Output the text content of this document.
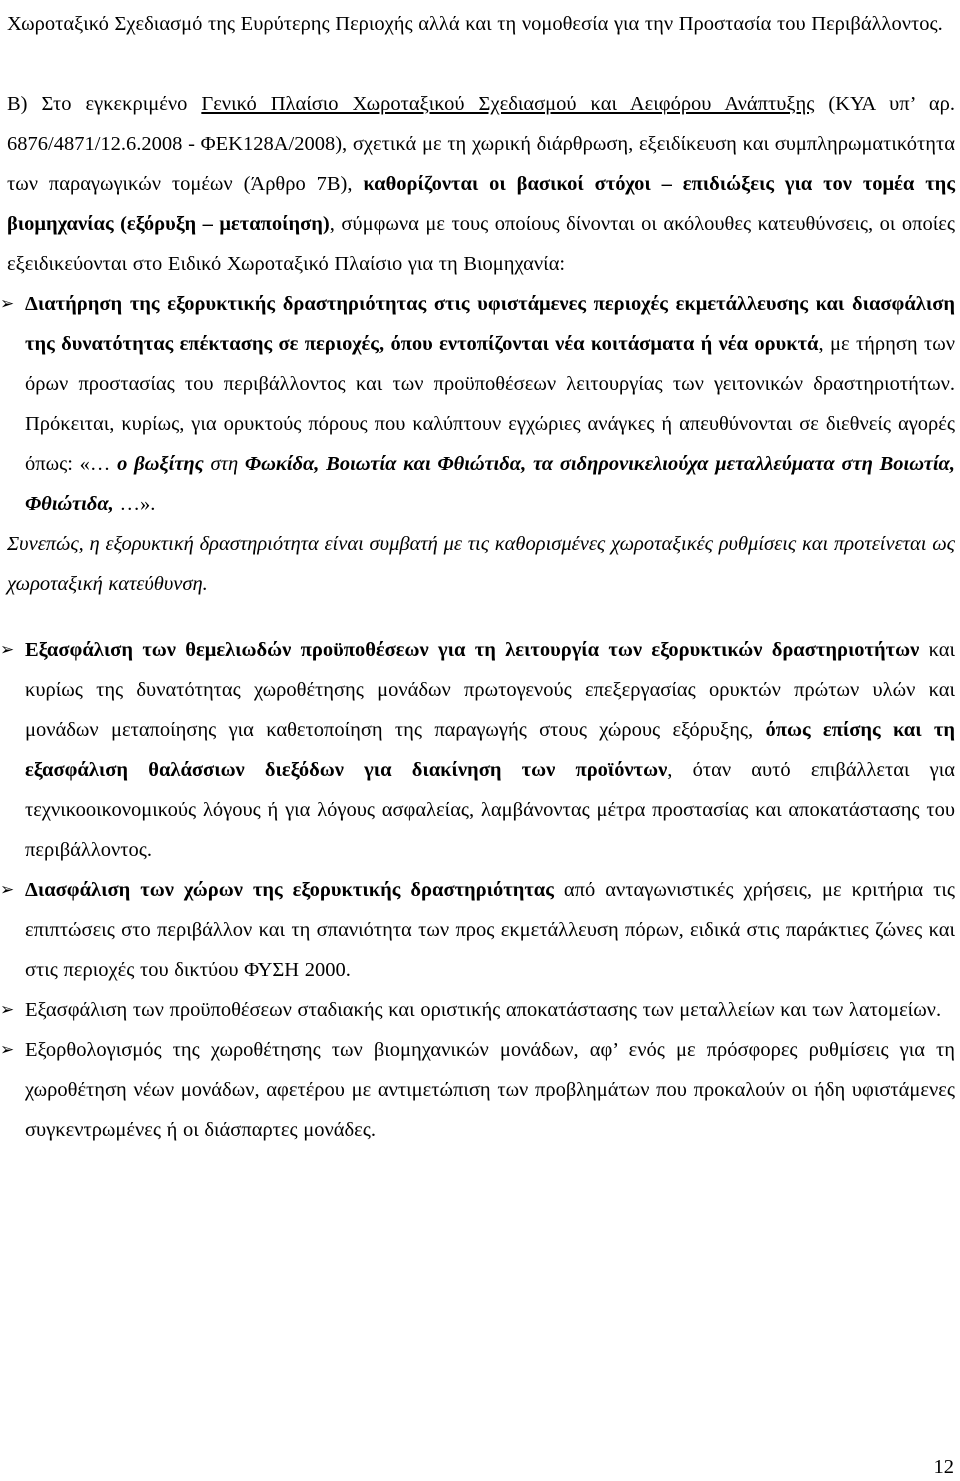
Χωροταξικό Σχεδιασμό της Ευρύτερης Περιοχής αλλά και τη νομοθεσία για την Προστασία του Περιβάλλοντος.

Β) Στο εγκεκριμένο Γενικό Πλαίσιο Χωροταξικού Σχεδιασμού και Αειφόρου Ανάπτυξης (ΚΥΑ υπ’ αρ. 6876/4871/12.6.2008 - ΦΕΚ128Α/2008), σχετικά με τη χωρική διάρθρωση, εξειδίκευση και συμπληρωματικότητα των παραγωγικών τομέων (Άρθρο 7Β), καθορίζονται οι βασικοί στόχοι – επιδιώξεις για τον τομέα της βιομηχανίας (εξόρυξη – μεταποίηση), σύμφωνα με τους οποίους δίνονται οι ακόλουθες κατευθύνσεις, οι οποίες εξειδικεύονται στο Ειδικό Χωροταξικό Πλαίσιο για τη Βιομηχανία:

➢ Διατήρηση της εξορυκτικής δραστηριότητας στις υφιστάμενες περιοχές εκμετάλλευσης και διασφάλιση της δυνατότητας επέκτασης σε περιοχές, όπου εντοπίζονται νέα κοιτάσματα ή νέα ορυκτά, με τήρηση των όρων προστασίας του περιβάλλοντος και των προϋποθέσεων λειτουργίας των γειτονικών δραστηριοτήτων. Πρόκειται, κυρίως, για ορυκτούς πόρους που καλύπτουν εγχώριες ανάγκες ή απευθύνονται σε διεθνείς αγορές όπως: «… ο βωξίτης στη Φωκίδα, Βοιωτία και Φθιώτιδα, τα σιδηρονικελιούχα μεταλλεύματα στη Βοιωτία, Φθιώτιδα, …».

Συνεπώς, η εξορυκτική δραστηριότητα είναι συμβατή με τις καθορισμένες χωροταξικές ρυθμίσεις και προτείνεται ως χωροταξική κατεύθυνση.

➢ Εξασφάλιση των θεμελιωδών προϋποθέσεων για τη λειτουργία των εξορυκτικών δραστηριοτήτων και κυρίως της δυνατότητας χωροθέτησης μονάδων πρωτογενούς επεξεργασίας ορυκτών πρώτων υλών και μονάδων μεταποίησης για καθετοποίηση της παραγωγής στους χώρους εξόρυξης, όπως επίσης και τη εξασφάλιση θαλάσσιων διεξόδων για διακίνηση των προϊόντων, όταν αυτό επιβάλλεται για τεχνικοοικονομικούς λόγους ή για λόγους ασφαλείας, λαμβάνοντας μέτρα προστασίας και αποκατάστασης του περιβάλλοντος.

➢ Διασφάλιση των χώρων της εξορυκτικής δραστηριότητας από ανταγωνιστικές χρήσεις, με κριτήρια τις επιπτώσεις στο περιβάλλον και τη σπανιότητα των προς εκμετάλλευση πόρων, ειδικά στις παράκτιες ζώνες και στις περιοχές του δικτύου ΦΥΣΗ 2000.

➢ Εξασφάλιση των προϋποθέσεων σταδιακής και οριστικής αποκατάστασης των μεταλλείων και των λατομείων.

➢ Εξορθολογισμός της χωροθέτησης των βιομηχανικών μονάδων, αφ’ ενός με πρόσφορες ρυθμίσεις για τη χωροθέτηση νέων μονάδων, αφετέρου με αντιμετώπιση των προβλημάτων που προκαλούν οι ήδη υφιστάμενες συγκεντρωμένες ή οι διάσπαρτες μονάδες.

12
